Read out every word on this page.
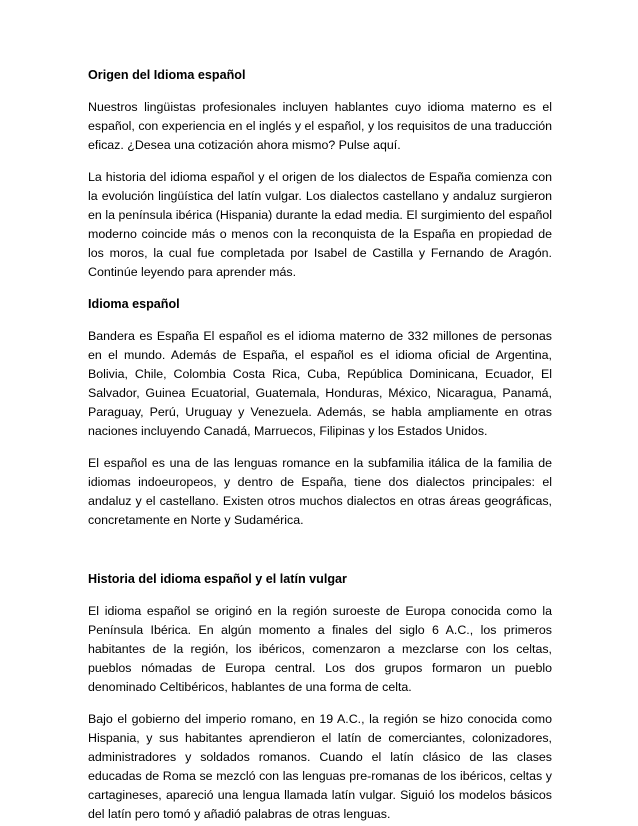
Origen del Idioma español

Nuestros lingüistas profesionales incluyen hablantes cuyo idioma materno es el español, con experiencia en el inglés y el español, y los requisitos de una traducción eficaz. ¿Desea una cotización ahora mismo? Pulse aquí.

La historia del idioma español y el origen de los dialectos de España comienza con la evolución lingüística del latín vulgar. Los dialectos castellano y andaluz surgieron en la península ibérica (Hispania) durante la edad media. El surgimiento del español moderno coincide más o menos con la reconquista de la España en propiedad de los moros, la cual fue completada por Isabel de Castilla y Fernando de Aragón. Continúe leyendo para aprender más.

Idioma español

Bandera es España El español es el idioma materno de 332 millones de personas en el mundo. Además de España, el español es el idioma oficial de Argentina, Bolivia, Chile, Colombia Costa Rica, Cuba, República Dominicana, Ecuador, El Salvador, Guinea Ecuatorial, Guatemala, Honduras, México, Nicaragua, Panamá, Paraguay, Perú, Uruguay y Venezuela. Además, se habla ampliamente en otras naciones incluyendo Canadá, Marruecos, Filipinas y los Estados Unidos.

El español es una de las lenguas romance en la subfamilia itálica de la familia de idiomas indoeuropeos, y dentro de España, tiene dos dialectos principales: el andaluz y el castellano. Existen otros muchos dialectos en otras áreas geográficas, concretamente en Norte y Sudamérica.

Historia del idioma español y el latín vulgar

El idioma español se originó en la región suroeste de Europa conocida como la Península Ibérica. En algún momento a finales del siglo 6 A.C., los primeros habitantes de la región, los ibéricos, comenzaron a mezclarse con los celtas, pueblos nómadas de Europa central. Los dos grupos formaron un pueblo denominado Celtibéricos, hablantes de una forma de celta.

Bajo el gobierno del imperio romano, en 19 A.C., la región se hizo conocida como Hispania, y sus habitantes aprendieron el latín de comerciantes, colonizadores, administradores y soldados romanos. Cuando el latín clásico de las clases educadas de Roma se mezcló con las lenguas pre-romanas de los ibéricos, celtas y cartagineses, apareció una lengua llamada latín vulgar. Siguió los modelos básicos del latín pero tomó y añadió palabras de otras lenguas.
